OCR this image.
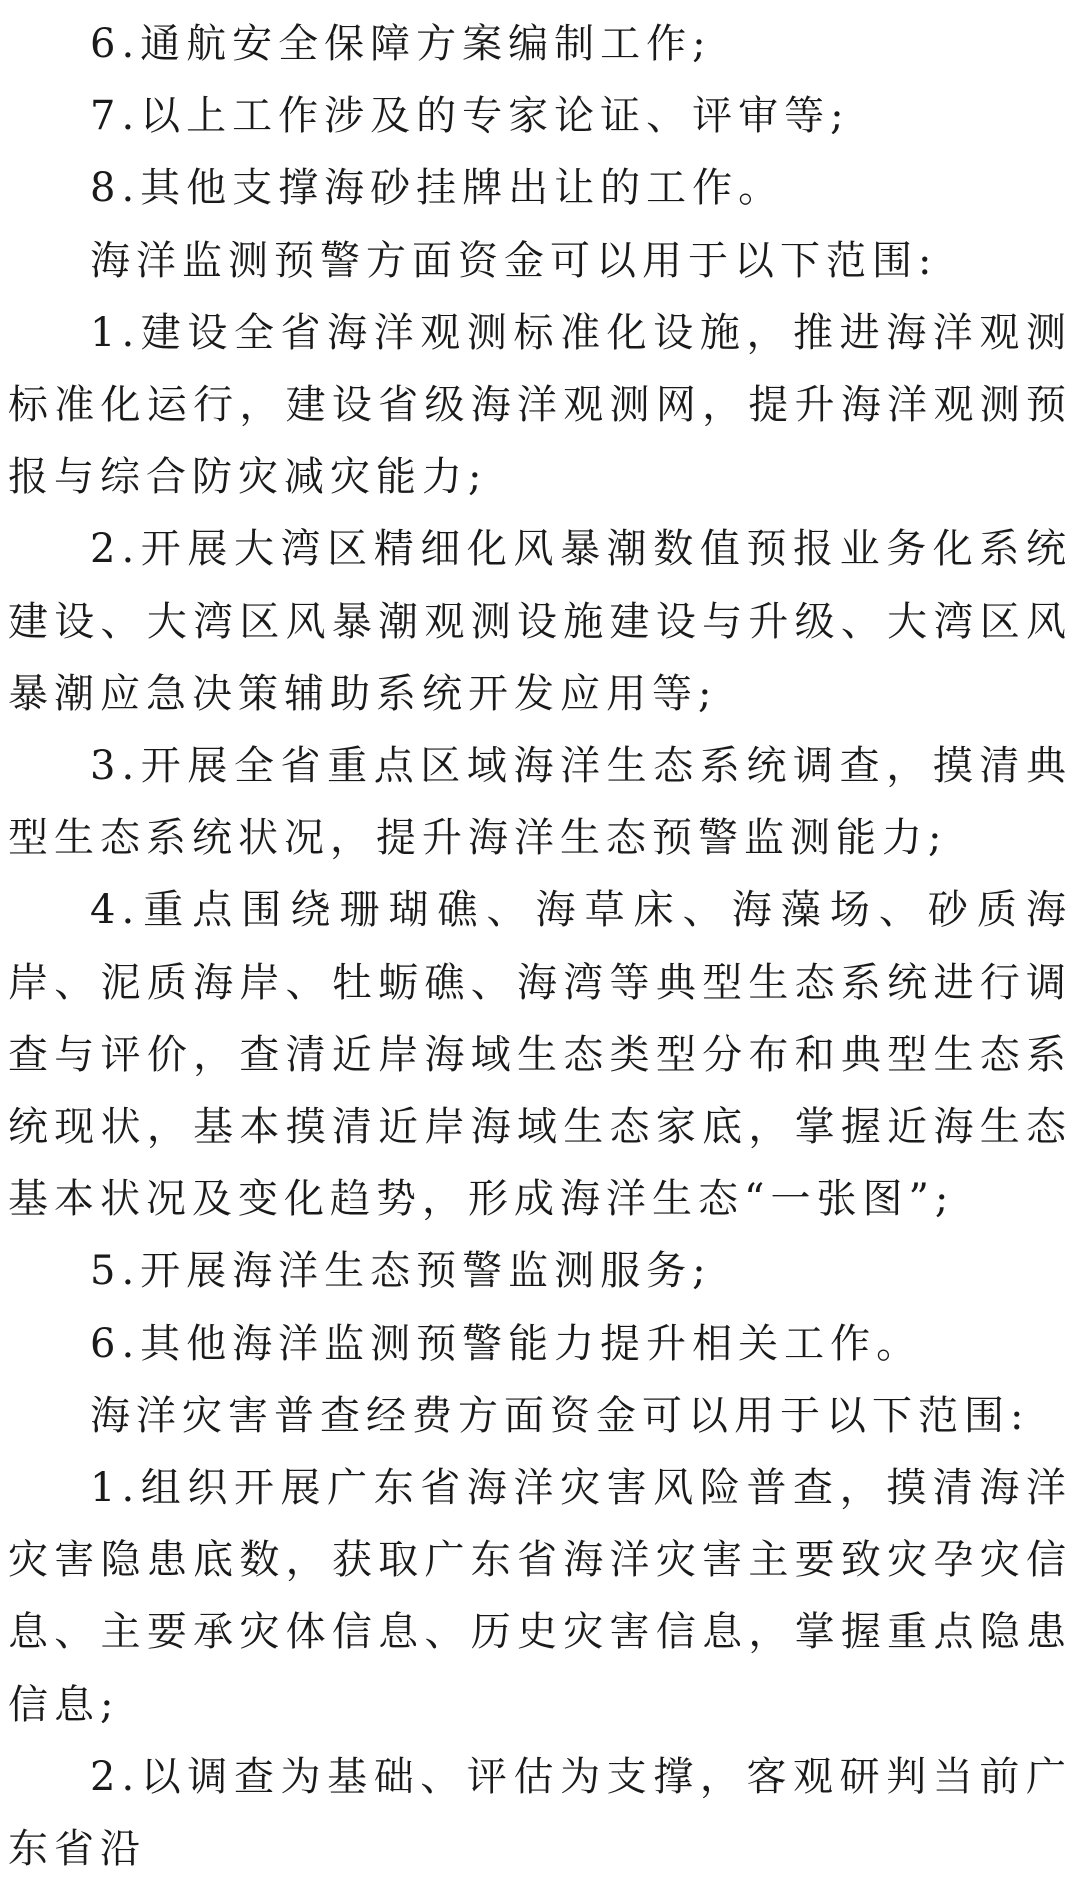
6.通航安全保障方案编制工作;

7.以上工作涉及的专家论证、评审等;

8.其他支撑海砂挂牌出让的工作。

海洋监测预警方面资金可以用于以下范围:

1.建设全省海洋观测标准化设施，推进海洋观测标准化运行，建设省级海洋观测网，提升海洋观测预报与综合防灾减灾能力;

2.开展大湾区精细化风暴潮数值预报业务化系统建设、大湾区风暴潮观测设施建设与升级、大湾区风暴潮应急决策辅助系统开发应用等;

3.开展全省重点区域海洋生态系统调查，摸清典型生态系统状况，提升海洋生态预警监测能力;

4.重点围绕珊瑚礁、海草床、海藻场、砂质海岸、泥质海岸、牡蛎礁、海湾等典型生态系统进行调查与评价，查清近岸海域生态类型分布和典型生态系统现状，基本摸清近岸海域生态家底，掌握近海生态基本状况及变化趋势，形成海洋生态“一张图”;

5.开展海洋生态预警监测服务;

6.其他海洋监测预警能力提升相关工作。

海洋灾害普查经费方面资金可以用于以下范围:

1.组织开展广东省海洋灾害风险普查，摸清海洋灾害隐患底数，获取广东省海洋灾害主要致灾孕灾信息、主要承灾体信息、历史灾害信息，掌握重点隐患信息;

2.以调查为基础、评估为支撑，客观研判当前广东省沿
